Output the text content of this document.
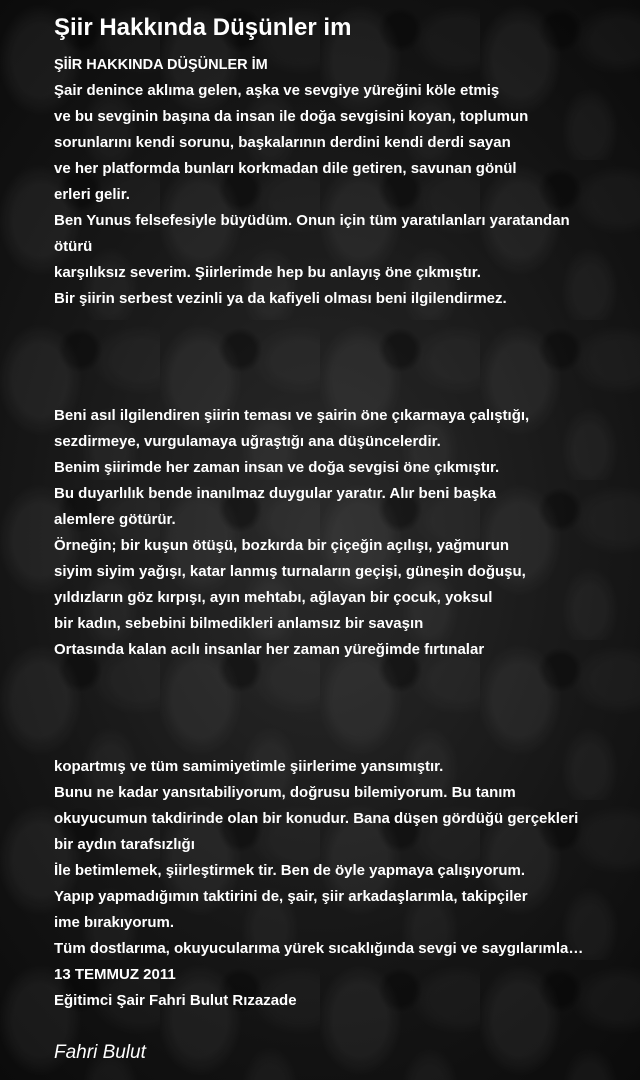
Şiir Hakkında Düşünler im
ŞİİR HAKKINDA DÜŞÜNLER İM
Şair denince aklıma gelen, aşka ve sevgiye yüreğini köle etmiş
ve bu sevginin başına da insan ile doğa sevgisini koyan, toplumun
sorunlarını kendi sorunu, başkalarının derdini kendi derdi sayan
ve her platformda bunları korkmadan dile getiren, savunan gönül
erleri gelir.
Ben Yunus felsefesiyle büyüdüm. Onun için tüm yaratılanları yaratandan
ötürü
karşılıksız severim. Şiirlerimde hep bu anlayış öne çıkmıştır.
Bir şiirin serbest vezinli ya da kafiyeli olması beni ilgilendirmez.
Beni asıl ilgilendiren şiirin teması ve şairin öne çıkarmaya çalıştığı,
sezdirmeye, vurgulamaya uğraştığı ana düşüncelerdir.
Benim şiirimde her zaman insan ve doğa sevgisi öne çıkmıştır.
Bu duyarlılık bende inanılmaz duygular yaratır. Alır beni başka
alemlere götürür.
Örneğin; bir kuşun ötüşü, bozkırda bir çiçeğin açılışı, yağmurun
siyim siyim yağışı, katar lanmış turnaların geçişi, güneşin doğuşu,
yıldızların göz kırpışı, ayın mehtabı, ağlayan bir çocuk, yoksul
bir kadın, sebebini bilmedikleri anlamsız bir savaşın
Ortasında kalan acılı insanlar her zaman yüreğimde fırtınalar
kopartmış ve tüm samimiyetimle şiirlerime yansımıştır.
Bunu ne kadar yansıtabiliyorum, doğrusu bilemiyorum. Bu tanım
okuyucumun takdirinde olan bir konudur. Bana düşen gördüğü gerçekleri
bir aydın tarafsızlığı
İle betimlemek, şiirleştirmek tir. Ben de öyle yapmaya çalışıyorum.
Yapıp yapmadığımın taktirini de, şair, şiir arkadaşlarımla, takipçiler
ime bırakıyorum.
Tüm dostlarıma, okuyucularıma yürek sıcaklığında sevgi ve saygılarımla…
13 TEMMUZ 2011
Eğitimci Şair Fahri Bulut Rızazade
Fahri Bulut
